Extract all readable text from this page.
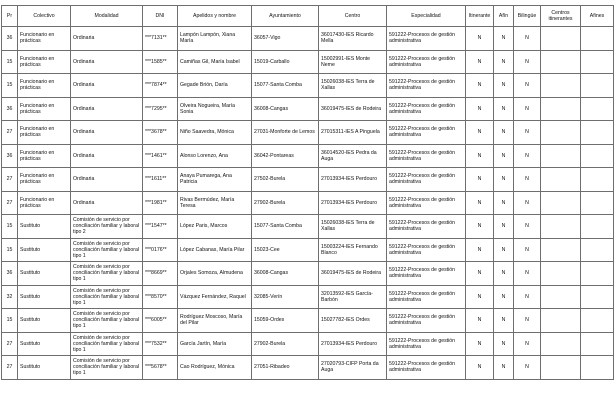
Pr	Colectivo	Modalidad	DNI	Apelidos y nombre	Ayuntamiento	Centro	Especialidad	Itinerante	Afín	Bilingüe	Centros itinerantes	Afines
36	Funcionario en prácticas	Ordinaria	***7131**	Lampón Lampón, Xiana María	36057-Vigo	36017430-IES Ricardo Mella	591222-Procesos de gestión administrativa	N	N	N		
15	Funcionario en prácticas	Ordinaria	***1585**	Camiñas Gil, María Isabel	15019-Carballo	15002991-IES Monte Neme	591222-Procesos de gestión administrativa	N	N	N		
15	Funcionario en prácticas	Ordinaria	***7874**	Gegade Brión, Daría	15077-Santa Comba	15026038-IES Terra de Xallas	591222-Procesos de gestión administrativa	N	N	N		
36	Funcionario en prácticas	Ordinaria	***7295**	Olveira Nogueira, María Sonia	36008-Cangas	36019475-IES de Rodeira	591222-Procesos de gestión administrativa	N	N	N		
27	Funcionario en prácticas	Ordinaria	***3678**	Niño Saavedra, Mónica	27031-Monforte de Lemos	27015311-IES A Pinguela	591222-Procesos de gestión administrativa	N	N	N		
36	Funcionario en prácticas	Ordinaria	***1461**	Alonso Lorenzo, Ana	36042-Pontareas	36014520-IES Pedra da Auga	591222-Procesos de gestión administrativa	N	N	N		
27	Funcionario en prácticas	Ordinaria	***1611**	Anaya Pumarega, Ana Patricia	27502-Burela	27013934-IES Perdouro	591222-Procesos de gestión administrativa	N	N	N		
27	Funcionario en prácticas	Ordinaria	***1981**	Rivas Bermúdez, María Teresa	27902-Burela	27013934-IES Perdouro	591222-Procesos de gestión administrativa	N	N	N		
15	Sustituto	Comisión de servicio por conciliación familiar y laboral tipo 2	***1547**	López Paris, Marcos	15077-Santa Comba	15026038-IES Terra de Xallas	591222-Procesos de gestión administrativa	N	N	N		
15	Sustituto	Comisión de servicio por conciliación familiar y laboral tipo 1	***0176**	López Cabanas, María Pilar	15023-Cee	15003224-IES Fernando Blanco	591222-Procesos de gestión administrativa	N	N	N		
36	Sustituto	Comisión de servicio por conciliación familiar y laboral tipo 1	***8669**	Orjales Somoza, Almudena	36008-Cangas	36019475-IES de Rodeira	591222-Procesos de gestión administrativa	N	N	N		
32	Sustituto	Comisión de servicio por conciliación familiar y laboral tipo 1	***8570**	Vázquez Fernández, Raquel	32085-Verín	32013592-IES García-Barbón	591222-Procesos de gestión administrativa	N	N	N		
15	Sustituto	Comisión de servicio por conciliación familiar y laboral tipo 1	***6005**	Rodríguez Moscoso, María del Pilar	15059-Ordes	15027782-IES Ordes	591222-Procesos de gestión administrativa	N	N	N		
27	Sustituto	Comisión de servicio por conciliación familiar y laboral tipo 1	***7532**	García Jartín, María	27902-Burela	27013934-IES Perdouro	591222-Procesos de gestión administrativa	N	N	N		
27	Sustituto	Comisión de servicio por conciliación familiar y laboral tipo 1	***5678**	Cao Rodríguez, Mónica	27051-Ribadeo	27020793-CIFP Porta da Auga	591222-Procesos de gestión administrativa	N	N	N		
